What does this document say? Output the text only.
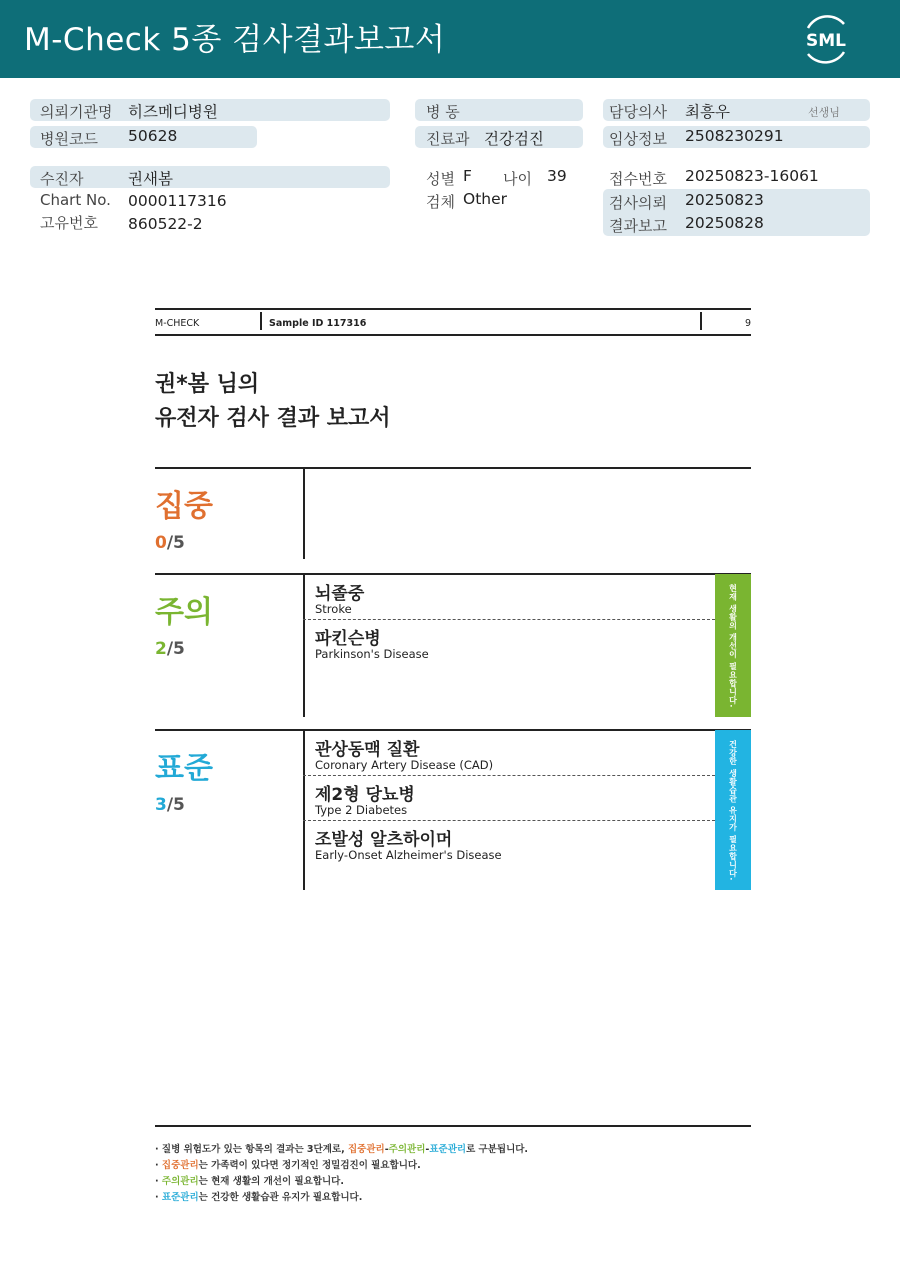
M-Check 5종 검사결과보고서	SML
의뢰기관명 히즈메디병원
병원코드 50628
수진자	권새봄
Chart No. 0000117316
고유번호 860522-2
병 동
진료과 건강검진
성별 F 나이 39
검체 Other
담당의사 최흥우	선생님
임상정보 2508230291
접수번호 20250823-16061
검사의뢰 20250823
결과보고 20250828
M-CHECK	Sample ID 117316	9
권*봄 님의
유전자 검사 결과 보고서
집중
0/5
주의
2/5	현재 생활의 개선이 필요합니다.
뇌졸중
Stroke
파킨슨병
Parkinson's Disease
표준
3/5	건강한 생활습관 유지가 필요합니다.
관상동맥 질환
Coronary Artery Disease (CAD)
제2형 당뇨병
Type 2 Diabetes
조발성 알츠하이머
Early-Onset Alzheimer's Disease
· 질병 위험도가 있는 항목의 결과는 3단계로, 집중관리-주의관리-표준관리로 구분됩니다.
· 집중관리는 가족력이 있다면 정기적인 정밀검진이 필요합니다.
· 주의관리는 현재 생활의 개선이 필요합니다.
· 표준관리는 건강한 생활습관 유지가 필요합니다.
